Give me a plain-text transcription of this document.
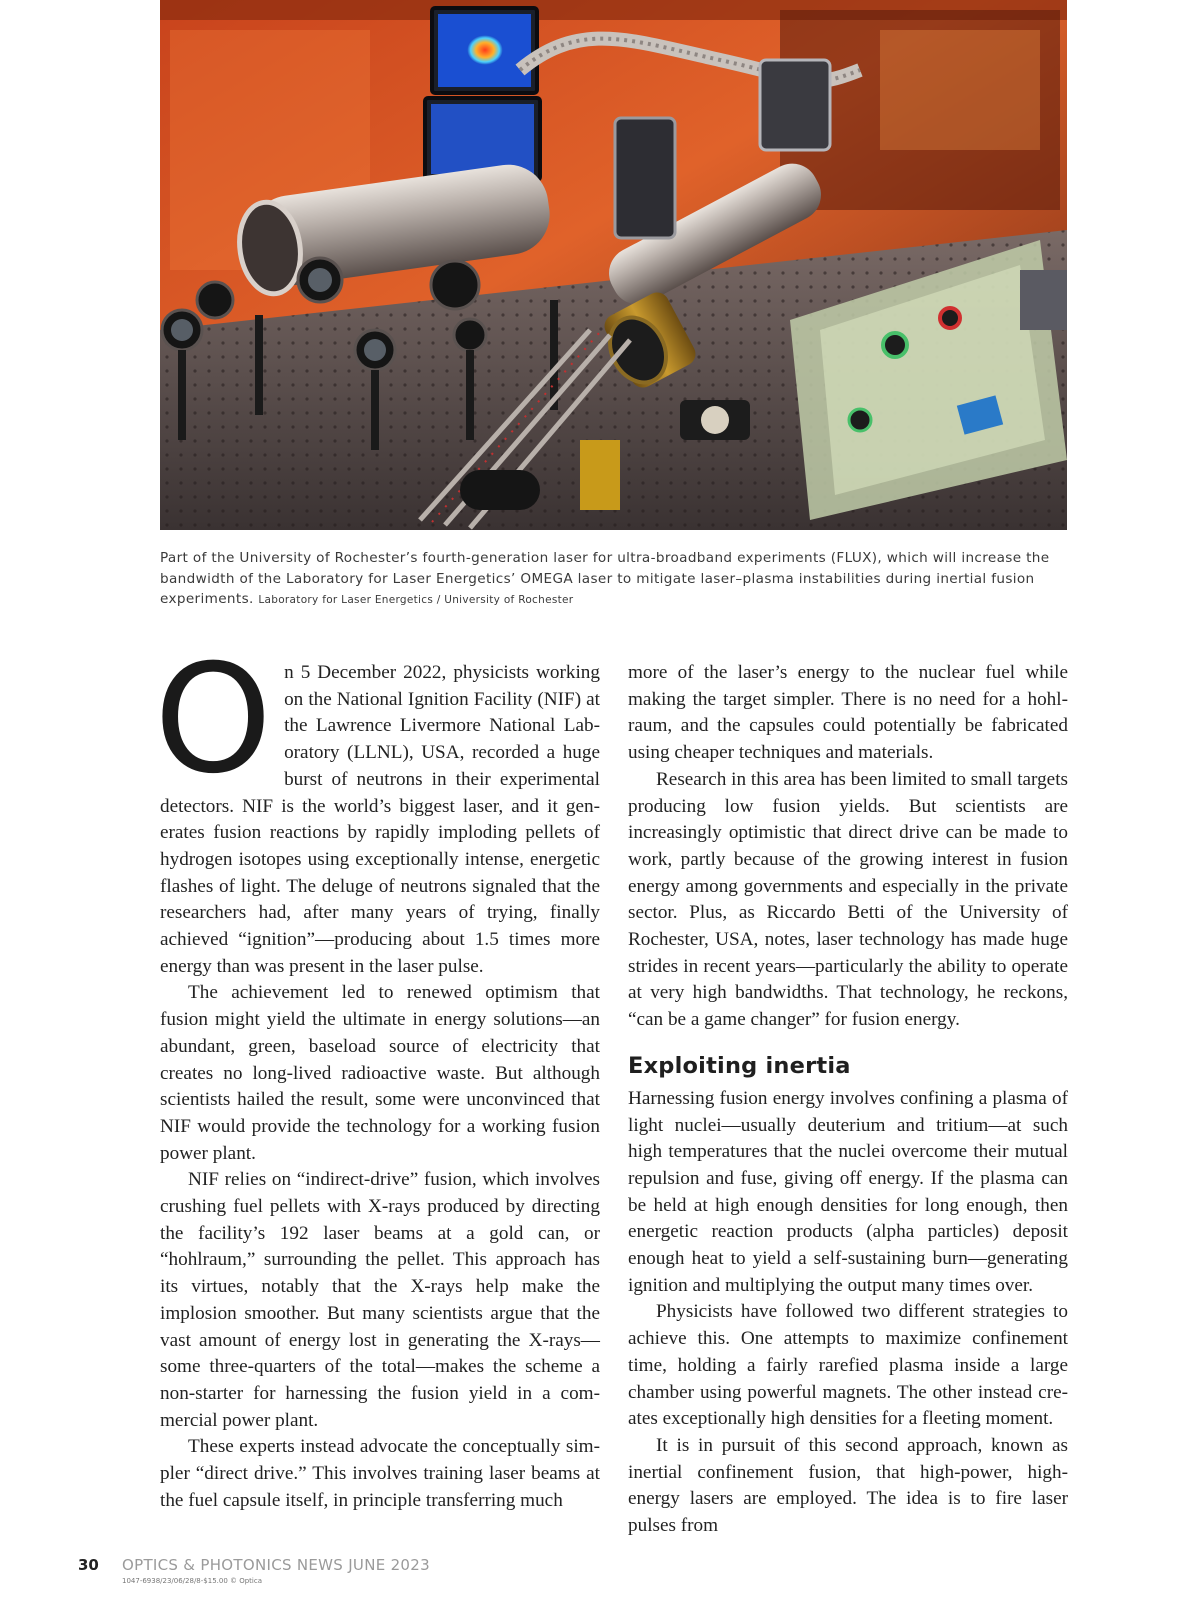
Part of the University of Rochester’s fourth-generation laser for ultra-broadband experiments (FLUX), which will increase the bandwidth of the Laboratory for Laser Energetics’ OMEGA laser to mitigate laser–plasma instabilities during inertial fusion experiments. Laboratory for Laser Energetics / University of Rochester

On 5 December 2022, physicists working on the National Ignition Facility (NIF) at the Lawrence Livermore National Laboratory (LLNL), USA, recorded a huge burst of neutrons in their experimental detectors. NIF is the world’s biggest laser, and it generates fusion reactions by rapidly imploding pellets of hydrogen isotopes using exceptionally intense, energetic flashes of light. The deluge of neutrons signaled that the researchers had, after many years of trying, finally achieved “ignition”—producing about 1.5 times more energy than was present in the laser pulse.

The achievement led to renewed optimism that fusion might yield the ultimate in energy solutions—an abundant, green, baseload source of electricity that creates no long-lived radioactive waste. But although scientists hailed the result, some were unconvinced that NIF would provide the technology for a working fusion power plant.

NIF relies on “indirect-drive” fusion, which involves crushing fuel pellets with X-rays produced by directing the facility’s 192 laser beams at a gold can, or “hohlraum,” surrounding the pellet. This approach has its virtues, notably that the X-rays help make the implosion smoother. But many scientists argue that the vast amount of energy lost in generating the X-rays—some three-quarters of the total—makes the scheme a non-starter for harnessing the fusion yield in a commercial power plant.

These experts instead advocate the conceptually simpler “direct drive.” This involves training laser beams at the fuel capsule itself, in principle transferring much

more of the laser’s energy to the nuclear fuel while making the target simpler. There is no need for a hohlraum, and the capsules could potentially be fabricated using cheaper techniques and materials.

Research in this area has been limited to small targets producing low fusion yields. But scientists are increasingly optimistic that direct drive can be made to work, partly because of the growing interest in fusion energy among governments and especially in the private sector. Plus, as Riccardo Betti of the University of Rochester, USA, notes, laser technology has made huge strides in recent years—particularly the ability to operate at very high bandwidths. That technology, he reckons, “can be a game changer” for fusion energy.

Exploiting inertia

Harnessing fusion energy involves confining a plasma of light nuclei—usually deuterium and tritium—at such high temperatures that the nuclei overcome their mutual repulsion and fuse, giving off energy. If the plasma can be held at high enough densities for long enough, then energetic reaction products (alpha particles) deposit enough heat to yield a self-sustaining burn—generating ignition and multiplying the output many times over.

Physicists have followed two different strategies to achieve this. One attempts to maximize confinement time, holding a fairly rarefied plasma inside a large chamber using powerful magnets. The other instead creates exceptionally high densities for a fleeting moment.

It is in pursuit of this second approach, known as inertial confinement fusion, that high-power, high-energy lasers are employed. The idea is to fire laser pulses from

30 OPTICS & PHOTONICS NEWS JUNE 2023
1047-6938/23/06/28/8-$15.00 © Optica
